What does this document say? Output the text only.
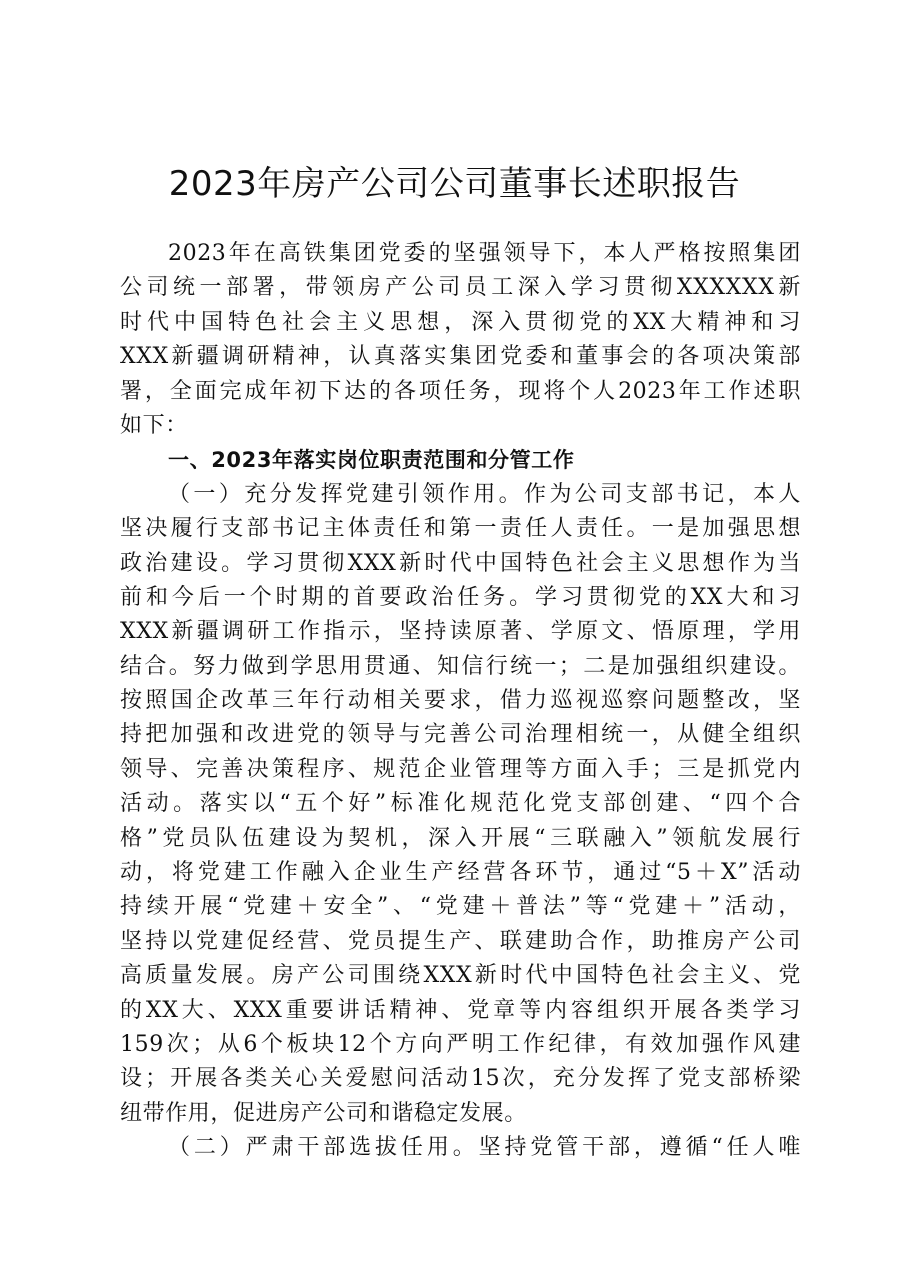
2023年房产公司公司董事长述职报告
2023年在高铁集团党委的坚强领导下，本人严格按照集团
公司统一部署，带领房产公司员工深入学习贯彻XXXXXX新
时代中国特色社会主义思想，深入贯彻党的XX大精神和习
XXX新疆调研精神，认真落实集团党委和董事会的各项决策部
署，全面完成年初下达的各项任务，现将个人2023年工作述职
如下：
一、2023年落实岗位职责范围和分管工作
（一）充分发挥党建引领作用。作为公司支部书记，本人
坚决履行支部书记主体责任和第一责任人责任。一是加强思想
政治建设。学习贯彻XXX新时代中国特色社会主义思想作为当
前和今后一个时期的首要政治任务。学习贯彻党的XX大和习
XXX新疆调研工作指示，坚持读原著、学原文、悟原理，学用
结合。努力做到学思用贯通、知信行统一；二是加强组织建设。
按照国企改革三年行动相关要求，借力巡视巡察问题整改，坚
持把加强和改进党的领导与完善公司治理相统一，从健全组织
领导、完善决策程序、规范企业管理等方面入手；三是抓党内
活动。落实以“五个好”标准化规范化党支部创建、“四个合
格”党员队伍建设为契机，深入开展“三联融入”领航发展行
动，将党建工作融入企业生产经营各环节，通过“5＋X”活动
持续开展“党建＋安全”、“党建＋普法”等“党建＋”活动，
坚持以党建促经营、党员提生产、联建助合作，助推房产公司
高质量发展。房产公司围绕XXX新时代中国特色社会主义、党
的XX大、XXX重要讲话精神、党章等内容组织开展各类学习
159次；从6个板块12个方向严明工作纪律，有效加强作风建
设；开展各类关心关爱慰问活动15次，充分发挥了党支部桥梁
纽带作用，促进房产公司和谐稳定发展。
（二）严肃干部选拔任用。坚持党管干部，遵循“任人唯
